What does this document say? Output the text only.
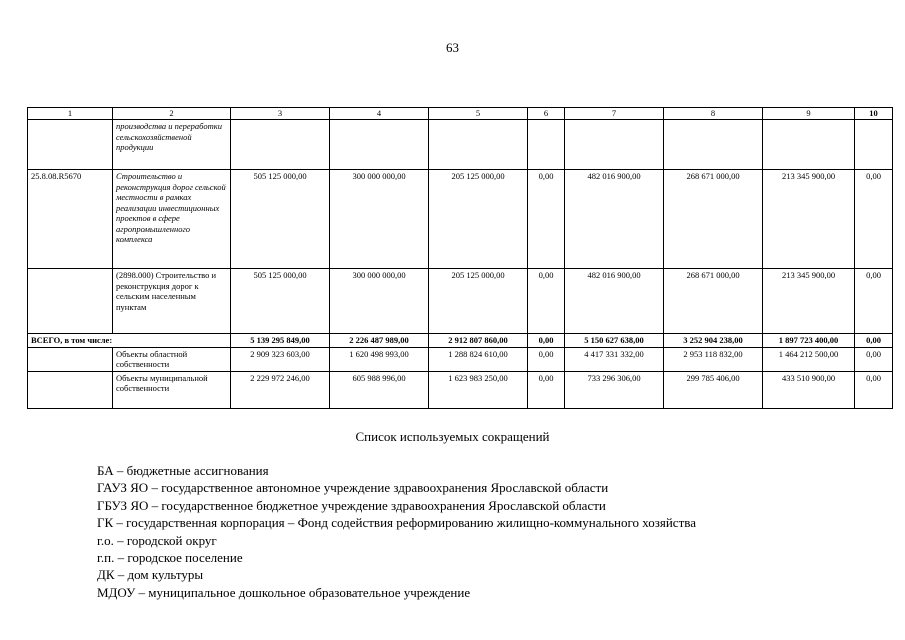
63
1	2	3	4	5	6	7	8	9	10
	производства и переработки сельскохозяйственой продукции								
25.8.08.R5670	Строительство и реконструкция дорог сельской местности в рамках реализации инвестиционных проектов в сфере агропромышленного комплекса	505 125 000,00	300 000 000,00	205 125 000,00	0,00	482 016 900,00	268 671 000,00	213 345 900,00	0,00
	(2898.000) Строительство и реконструкция дорог к сельским населенным пунктам	505 125 000,00	300 000 000,00	205 125 000,00	0,00	482 016 900,00	268 671 000,00	213 345 900,00	0,00
ВСЕГО, в том числе:		5 139 295 849,00	2 226 487 989,00	2 912 807 860,00	0,00	5 150 627 638,00	3 252 904 238,00	1 897 723 400,00	0,00
	Объекты областной собственности	2 909 323 603,00	1 620 498 993,00	1 288 824 610,00	0,00	4 417 331 332,00	2 953 118 832,00	1 464 212 500,00	0,00
	Объекты муниципальной собственности	2 229 972 246,00	605 988 996,00	1 623 983 250,00	0,00	733 296 306,00	299 785 406,00	433 510 900,00	0,00
Список используемых сокращений
БА – бюджетные ассигнования
ГАУЗ ЯО – государственное автономное учреждение здравоохранения Ярославской области
ГБУЗ ЯО – государственное бюджетное учреждение здравоохранения Ярославской области
ГК – государственная корпорация – Фонд содействия реформированию жилищно-коммунального хозяйства
г.о. – городской округ
г.п. – городское поселение
ДК – дом культуры
МДОУ – муниципальное дошкольное образовательное учреждение
